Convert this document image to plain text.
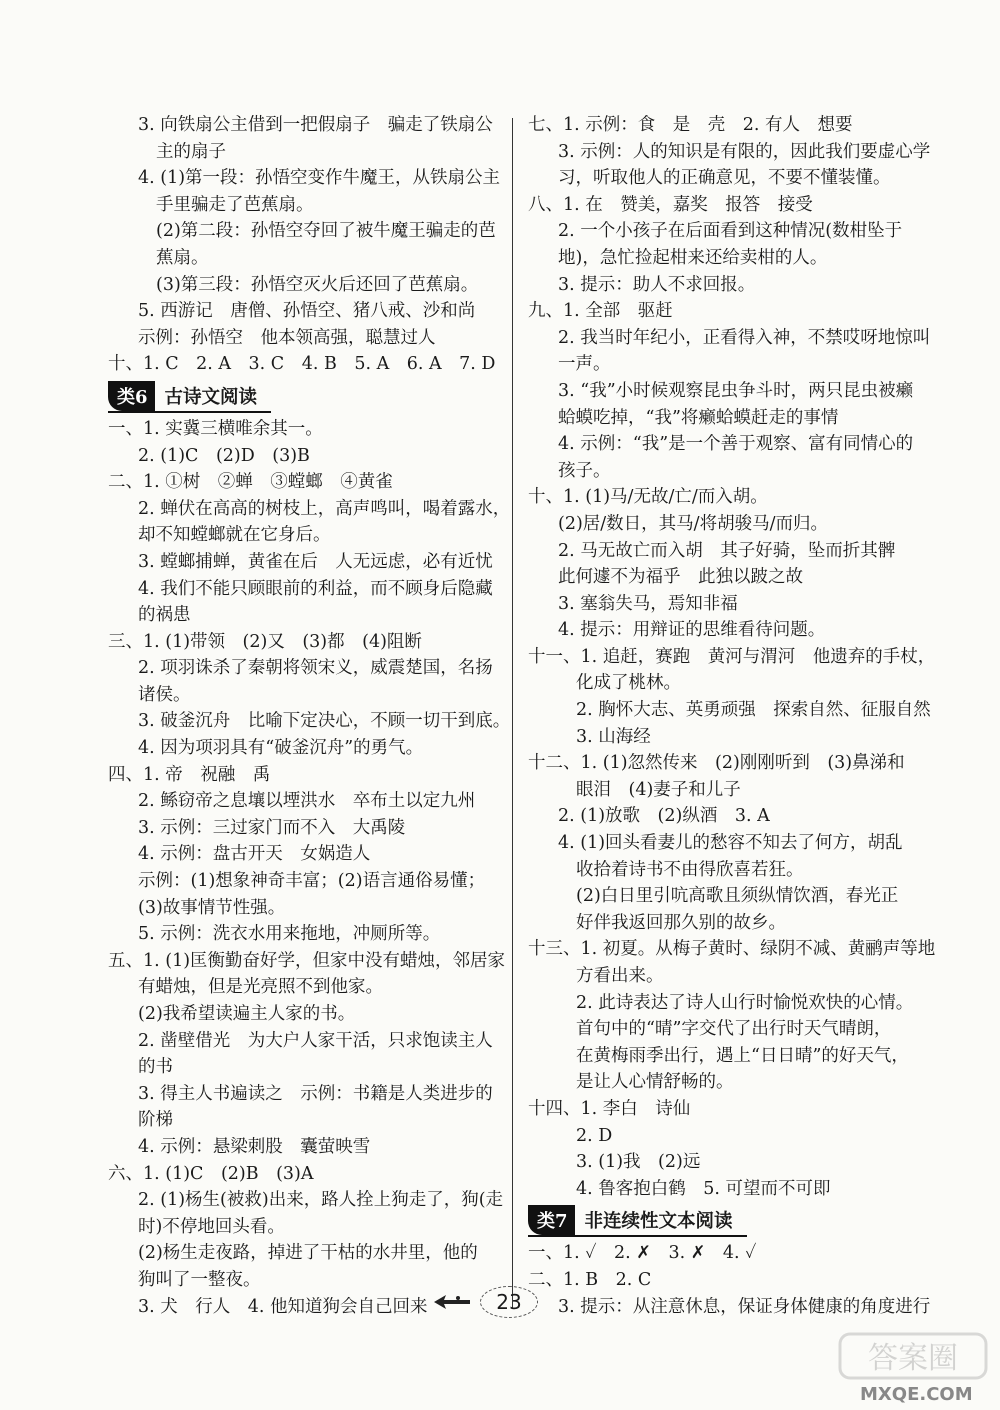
3. 向铁扇公主借到一把假扇子　骗走了铁扇公
主的扇子
4. (1)第一段：孙悟空变作牛魔王，从铁扇公主
手里骗走了芭蕉扇。
(2)第二段：孙悟空夺回了被牛魔王骗走的芭
蕉扇。
(3)第三段：孙悟空灭火后还回了芭蕉扇。
5. 西游记　唐僧、孙悟空、猪八戒、沙和尚
示例：孙悟空　他本领高强，聪慧过人
十、1. C　2. A　3. C　4. B　5. A　6. A　7. D
类6 古诗文阅读
一、1. 实冀三横唯余其一。
2. (1)C　(2)D　(3)B
二、1. ①树　②蝉　③螳螂　④黄雀
2. 蝉伏在高高的树枝上，高声鸣叫，喝着露水，
却不知螳螂就在它身后。
3. 螳螂捕蝉，黄雀在后　人无远虑，必有近忧
4. 我们不能只顾眼前的利益，而不顾身后隐藏
的祸患
三、1. (1)带领　(2)又　(3)都　(4)阻断
2. 项羽诛杀了秦朝将领宋义，威震楚国，名扬
诸侯。
3. 破釜沉舟　比喻下定决心，不顾一切干到底。
4. 因为项羽具有“破釜沉舟”的勇气。
四、1. 帝　祝融　禹
2. 鲧窃帝之息壤以堙洪水　卒布土以定九州
3. 示例：三过家门而不入　大禹陵
4. 示例：盘古开天　女娲造人
示例：(1)想象神奇丰富；(2)语言通俗易懂；
(3)故事情节性强。
5. 示例：洗衣水用来拖地，冲厕所等。
五、1. (1)匡衡勤奋好学，但家中没有蜡烛，邻居家
有蜡烛，但是光亮照不到他家。
(2)我希望读遍主人家的书。
2. 凿壁借光　为大户人家干活，只求饱读主人
的书
3. 得主人书遍读之　示例：书籍是人类进步的
阶梯
4. 示例：悬梁刺股　囊萤映雪
六、1. (1)C　(2)B　(3)A
2. (1)杨生(被救)出来，路人拴上狗走了，狗(走
时)不停地回头看。
(2)杨生走夜路，掉进了干枯的水井里，他的
狗叫了一整夜。
3. 犬　行人　4. 他知道狗会自己回来
七、1. 示例：食　是　壳　2. 有人　想要
3. 示例：人的知识是有限的，因此我们要虚心学
习，听取他人的正确意见，不要不懂装懂。
八、1. 在　赞美，嘉奖　报答　接受
2. 一个小孩子在后面看到这种情况(数柑坠于
地)，急忙捡起柑来还给卖柑的人。
3. 提示：助人不求回报。
九、1. 全部　驱赶
2. 我当时年纪小，正看得入神，不禁哎呀地惊叫
一声。
3. “我”小时候观察昆虫争斗时，两只昆虫被癞
蛤蟆吃掉，“我”将癞蛤蟆赶走的事情
4. 示例：“我”是一个善于观察、富有同情心的
孩子。
十、1. (1)马/无故/亡/而入胡。
(2)居/数日，其马/将胡骏马/而归。
2. 马无故亡而入胡　其子好骑，坠而折其髀
此何遽不为福乎　此独以跛之故
3. 塞翁失马，焉知非福
4. 提示：用辩证的思维看待问题。
十一、1. 追赶，赛跑　黄河与渭河　他遗弃的手杖，
化成了桃林。
2. 胸怀大志、英勇顽强　探索自然、征服自然
3. 山海经
十二、1. (1)忽然传来　(2)刚刚听到　(3)鼻涕和
眼泪　(4)妻子和儿子
2. (1)放歌　(2)纵酒　3. A
4. (1)回头看妻儿的愁容不知去了何方，胡乱
收拾着诗书不由得欣喜若狂。
(2)白日里引吭高歌且须纵情饮酒，春光正
好伴我返回那久别的故乡。
十三、1. 初夏。从梅子黄时、绿阴不减、黄鹂声等地
方看出来。
2. 此诗表达了诗人山行时愉悦欢快的心情。
首句中的“晴”字交代了出行时天气晴朗，
在黄梅雨季出行，遇上“日日晴”的好天气，
是让人心情舒畅的。
十四、1. 李白　诗仙
2. D
3. (1)我　(2)远
4. 鲁客抱白鹤　5. 可望而不可即
类7 非连续性文本阅读
一、1. ✓　2. ✗　3. ✗　4. ✓
二、1. B　2. C
3. 提示：从注意休息，保证身体健康的角度进行
23
答案圈
MXQE.COM
